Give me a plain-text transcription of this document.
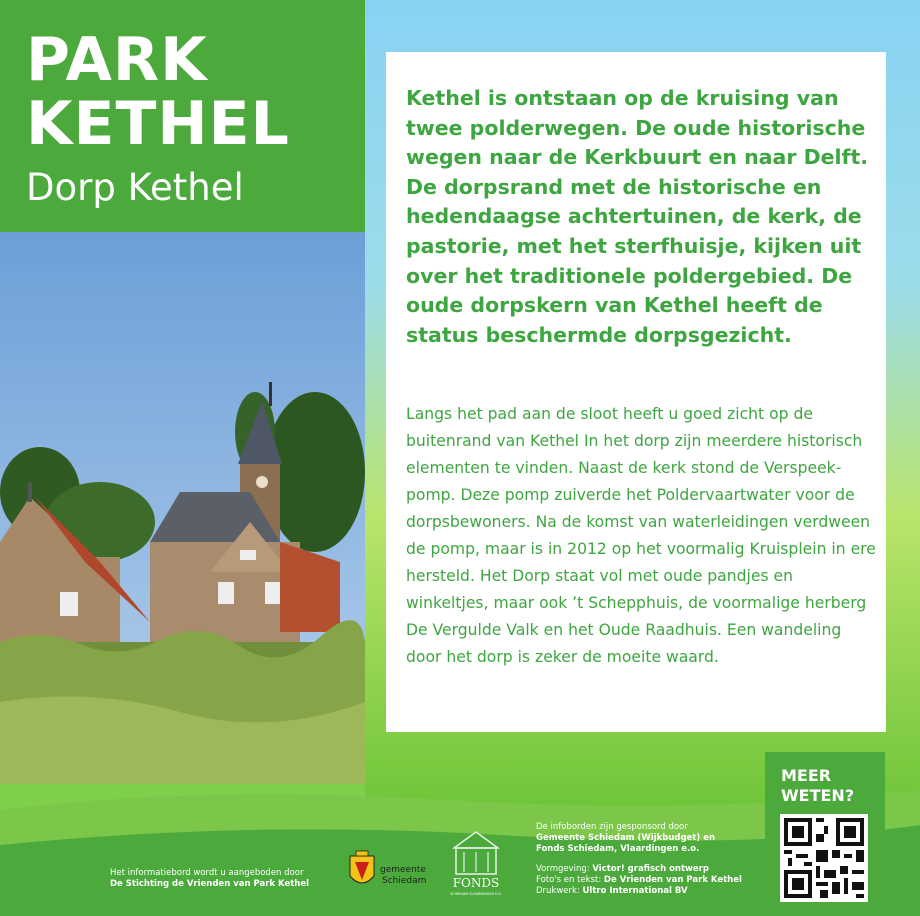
PARK
KETHEL
Dorp Kethel
Kethel is ontstaan op de kruising van twee polderwegen. De oude historische wegen naar de Kerkbuurt en naar Delft. De dorpsrand met de historische en hedendaagse achtertuinen, de kerk, de pastorie, met het sterfhuisje, kijken uit over het traditionele poldergebied. De oude dorpskern van Kethel heeft de status beschermde dorpsgezicht.
Langs het pad aan de sloot heeft u goed zicht op de buitenrand van Kethel In het dorp zijn meerdere historisch elementen te vinden. Naast de kerk stond de Verspeek-pomp. Deze pomp zuiverde het Poldervaartwater voor de dorpsbewoners. Na de komst van waterleidingen verdween de pomp, maar is in 2012 op het voormalig Kruisplein in ere hersteld. Het Dorp staat vol met oude pandjes en winkeltjes, maar ook ’t Schepphuis, de voormalige herberg De Vergulde Valk en het Oude Raadhuis. Een wandeling door het dorp is zeker de moeite waard.
Het informatiebord wordt u aangeboden door
De Stichting de Vrienden van Park Kethel
gemeente
Schiedam FONDS
SCHIEDAM VLAARDINGEN E.O.
De infoborden zijn gesponsord door
Gemeente Schiedam (Wijkbudget) en
Fonds Schiedam, Vlaardingen e.o.
Vormgeving: Victor! grafisch ontwerp
Foto's en tekst: De Vrienden van Park Kethel
Drukwerk: Ultro International BV
MEER
WETEN?
